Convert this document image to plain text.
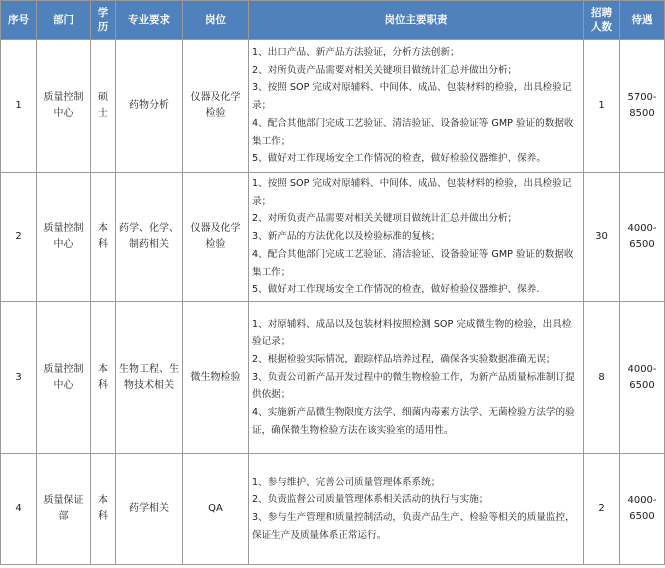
序号	部门	学历	专业要求	岗位	岗位主要职责	招聘人数	待遇
1	质量控制中心	硕士	药物分析	仪器及化学检验	1、出口产品、新产品方法验证，分析方法创新；
2、对所负责产品需要对相关关键项目做统计汇总并做出分析；
3、按照 SOP 完成对原辅料、中间体、成品、包装材料的检验，出具检验记录；
4、配合其他部门完成工艺验证、清洁验证、设备验证等 GMP 验证的数据收集工作；
5、做好对工作现场安全工作情况的检查，做好检验仪器维护、保养。	1	5700-8500
2	质量控制中心	本科	药学、化学、制药相关	仪器及化学检验	1、按照 SOP 完成对原辅料、中间体、成品、包装材料的检验，出具检验记录；
2、对所负责产品需要对相关关键项目做统计汇总并做出分析；
3、新产品的方法优化以及检验标准的复核；
4、配合其他部门完成工艺验证、清洁验证、设备验证等 GMP 验证的数据收集工作；
5、做好对工作现场安全工作情况的检查，做好检验仪器维护、保养.	30	4000-6500
3	质量控制中心	本科	生物工程、生物技术相关	微生物检验	1、对原辅料、成品以及包装材料按照检测 SOP 完成微生物的检验，出具检验记录；
2、根据检验实际情况，跟踪样品培养过程，确保各实验数据准确无误；
3、负责公司新产品开发过程中的微生物检验工作，为新产品质量标准制订提供依据；
4、实施新产品微生物限度方法学、细菌内毒素方法学、无菌检验方法学的验证，确保微生物检验方法在该实验室的适用性。	8	4000-6500
4	质量保证部	本科	药学相关	QA	1、参与维护、完善公司质量管理体系系统；
2、负责监督公司质量管理体系相关活动的执行与实施；
3、参与生产管理和质量控制活动，负责产品生产、检验等相关的质量监控，保证生产及质量体系正常运行。	2	4000-6500
